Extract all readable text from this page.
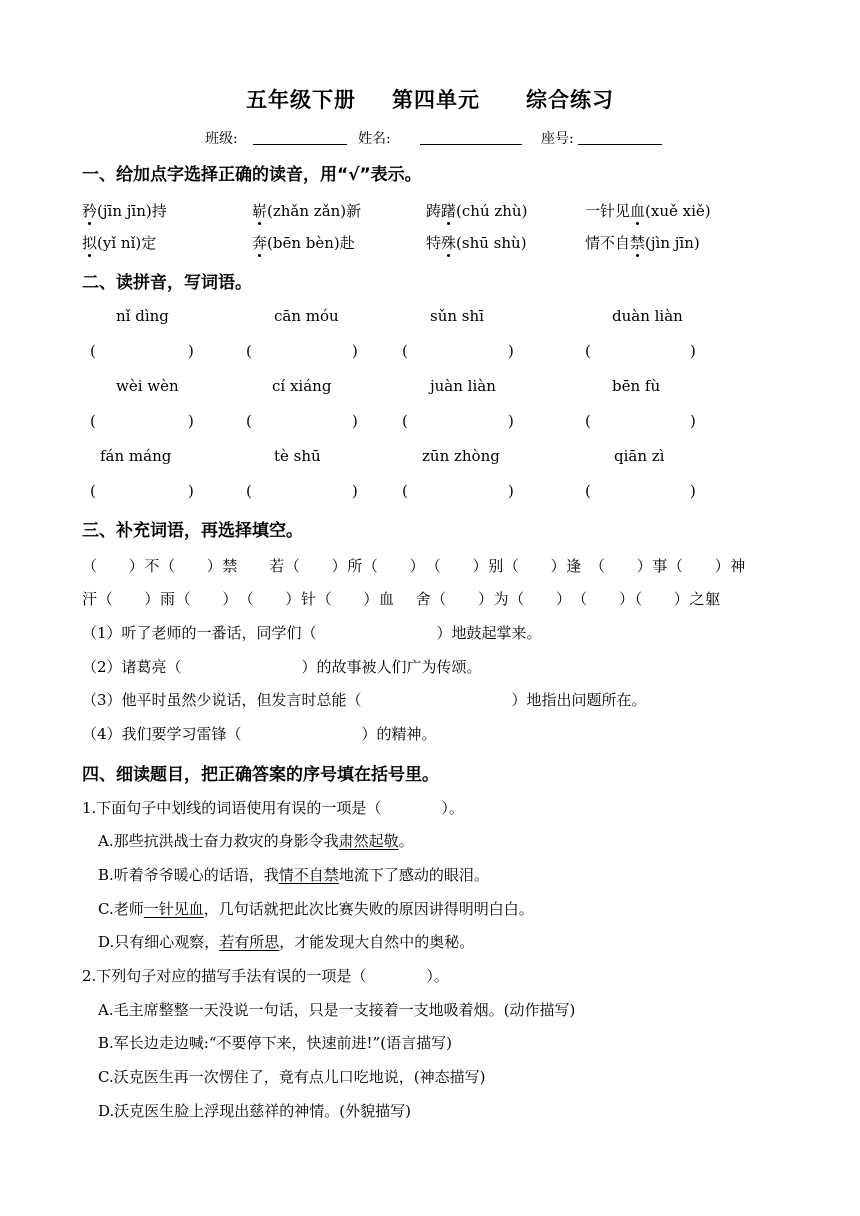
五年级下册 第四单元 综合练习
班级:	姓名:	座号:
一、给加点字选择正确的读音，用“√”表示。
矜(jīn jīn)持	崭(zhǎn zǎn)新	踌躇(chú zhù)	一针见血(xuě xiě)
拟(yǐ nǐ)定	奔(bēn bèn)赴	特殊(shū shù)	情不自禁(jìn jīn)
二、读拼音，写词语。
nǐ dìng	cān móu	sǔn shī	duàn liàn
(	)	(	)	(	)	(	)
wèi wèn	cí xiáng	juàn liàn	bēn fù
(	)	(	)	(	)	(	)
fán máng	tè shū	zūn zhòng	qiān zì
(	)	(	)	(	)	(	)
三、补充词语，再选择填空。
（　　）不（　　）禁　　若（　　）所（　　）　（　　）别（　　）逢　（　　）事（　　）神
汗（　　）雨（　　）　（　　）针（　　）血　 舍（　　）为（　　）　（　　）（　　）之躯
（1）听了老师的一番话，同学们（　　　　　　　　）地鼓起掌来。
（2）诸葛亮（　　　　　　　　）的故事被人们广为传颂。
（3）他平时虽然少说话，但发言时总能（　　　　　　　　　　）地指出问题所在。
（4）我们要学习雷锋（　　　　　　　　）的精神。
四、细读题目，把正确答案的序号填在括号里。
1.下面句子中划线的词语使用有误的一项是（　　　　）。
A.那些抗洪战士奋力救灾的身影令我肃然起敬。
B.听着爷爷暖心的话语，我情不自禁地流下了感动的眼泪。
C.老师一针见血，几句话就把此次比赛失败的原因讲得明明白白。
D.只有细心观察，若有所思，才能发现大自然中的奥秘。
2.下列句子对应的描写手法有误的一项是（　　　　）。
A.毛主席整整一天没说一句话，只是一支接着一支地吸着烟。(动作描写)
B.军长边走边喊:“不要停下来，快速前进!”(语言描写)
C.沃克医生再一次愣住了，竟有点儿口吃地说，(神态描写)
D.沃克医生脸上浮现出慈祥的神情。(外貌描写)
